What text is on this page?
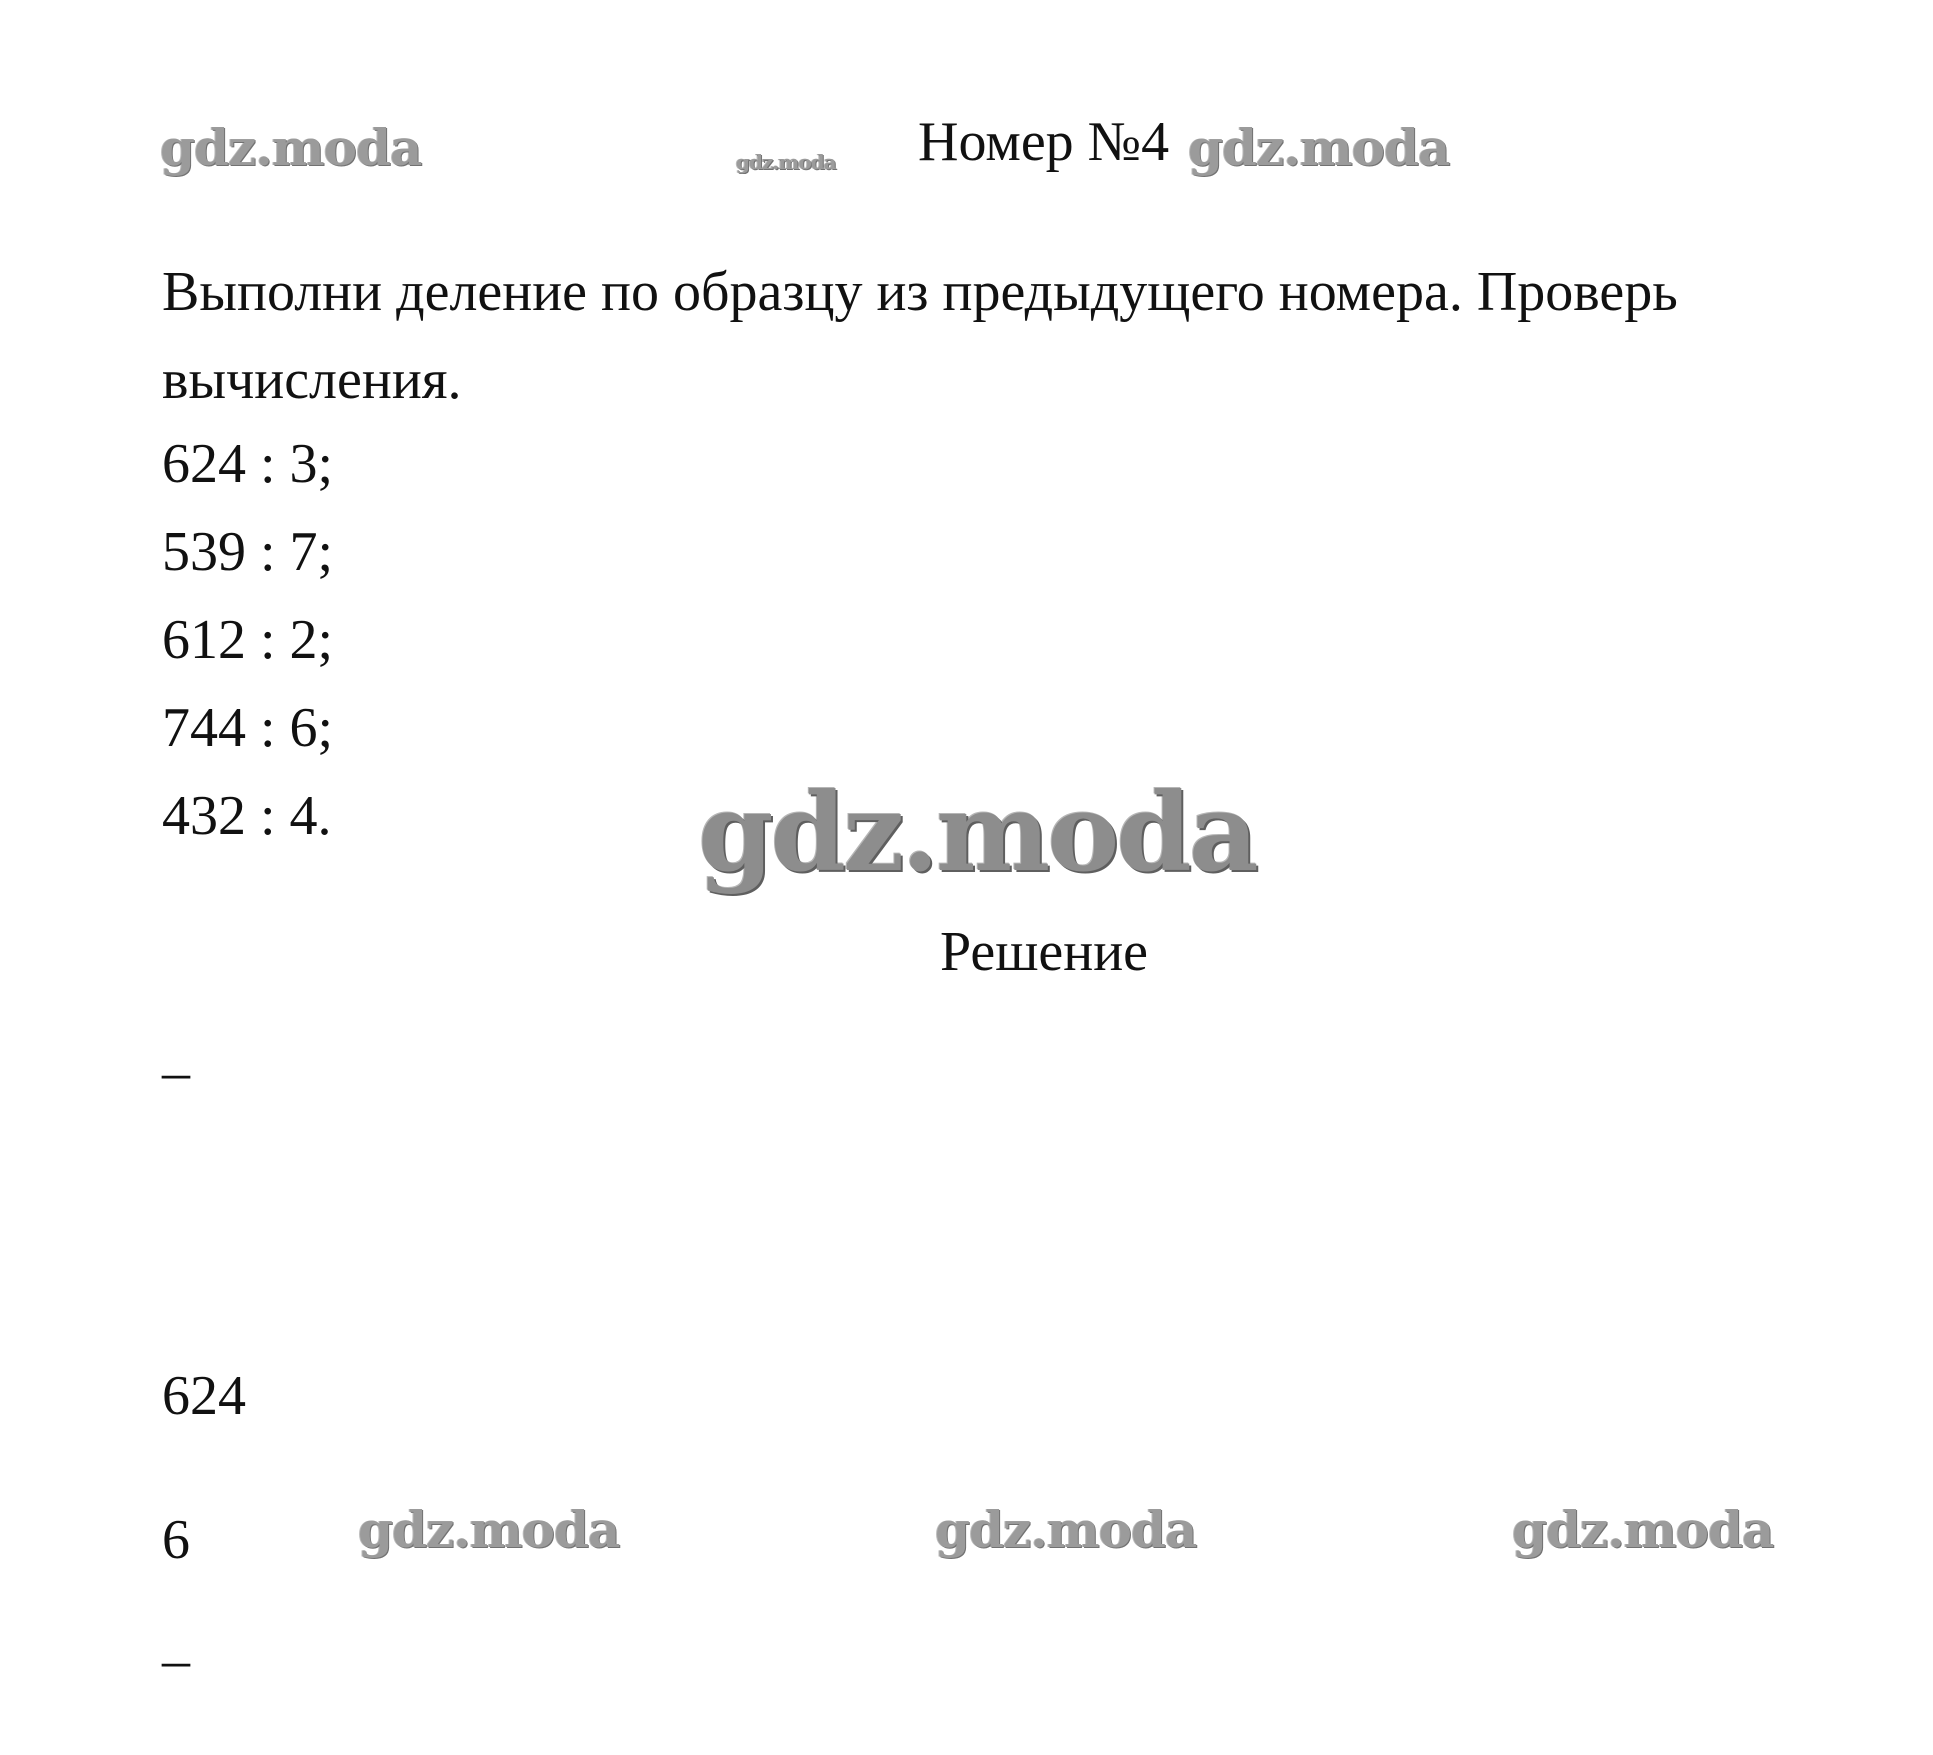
gdz.moda	gdz.moda	gdz.moda
gdz.moda
gdz.moda	gdz.moda	gdz.moda
Номер №4
Выполни деление по образцу из предыдущего номера. Проверь вычисления.
624 : 3;
539 : 7;
612 : 2;
744 : 6;
432 : 4.
Решение
–
624
6
–
